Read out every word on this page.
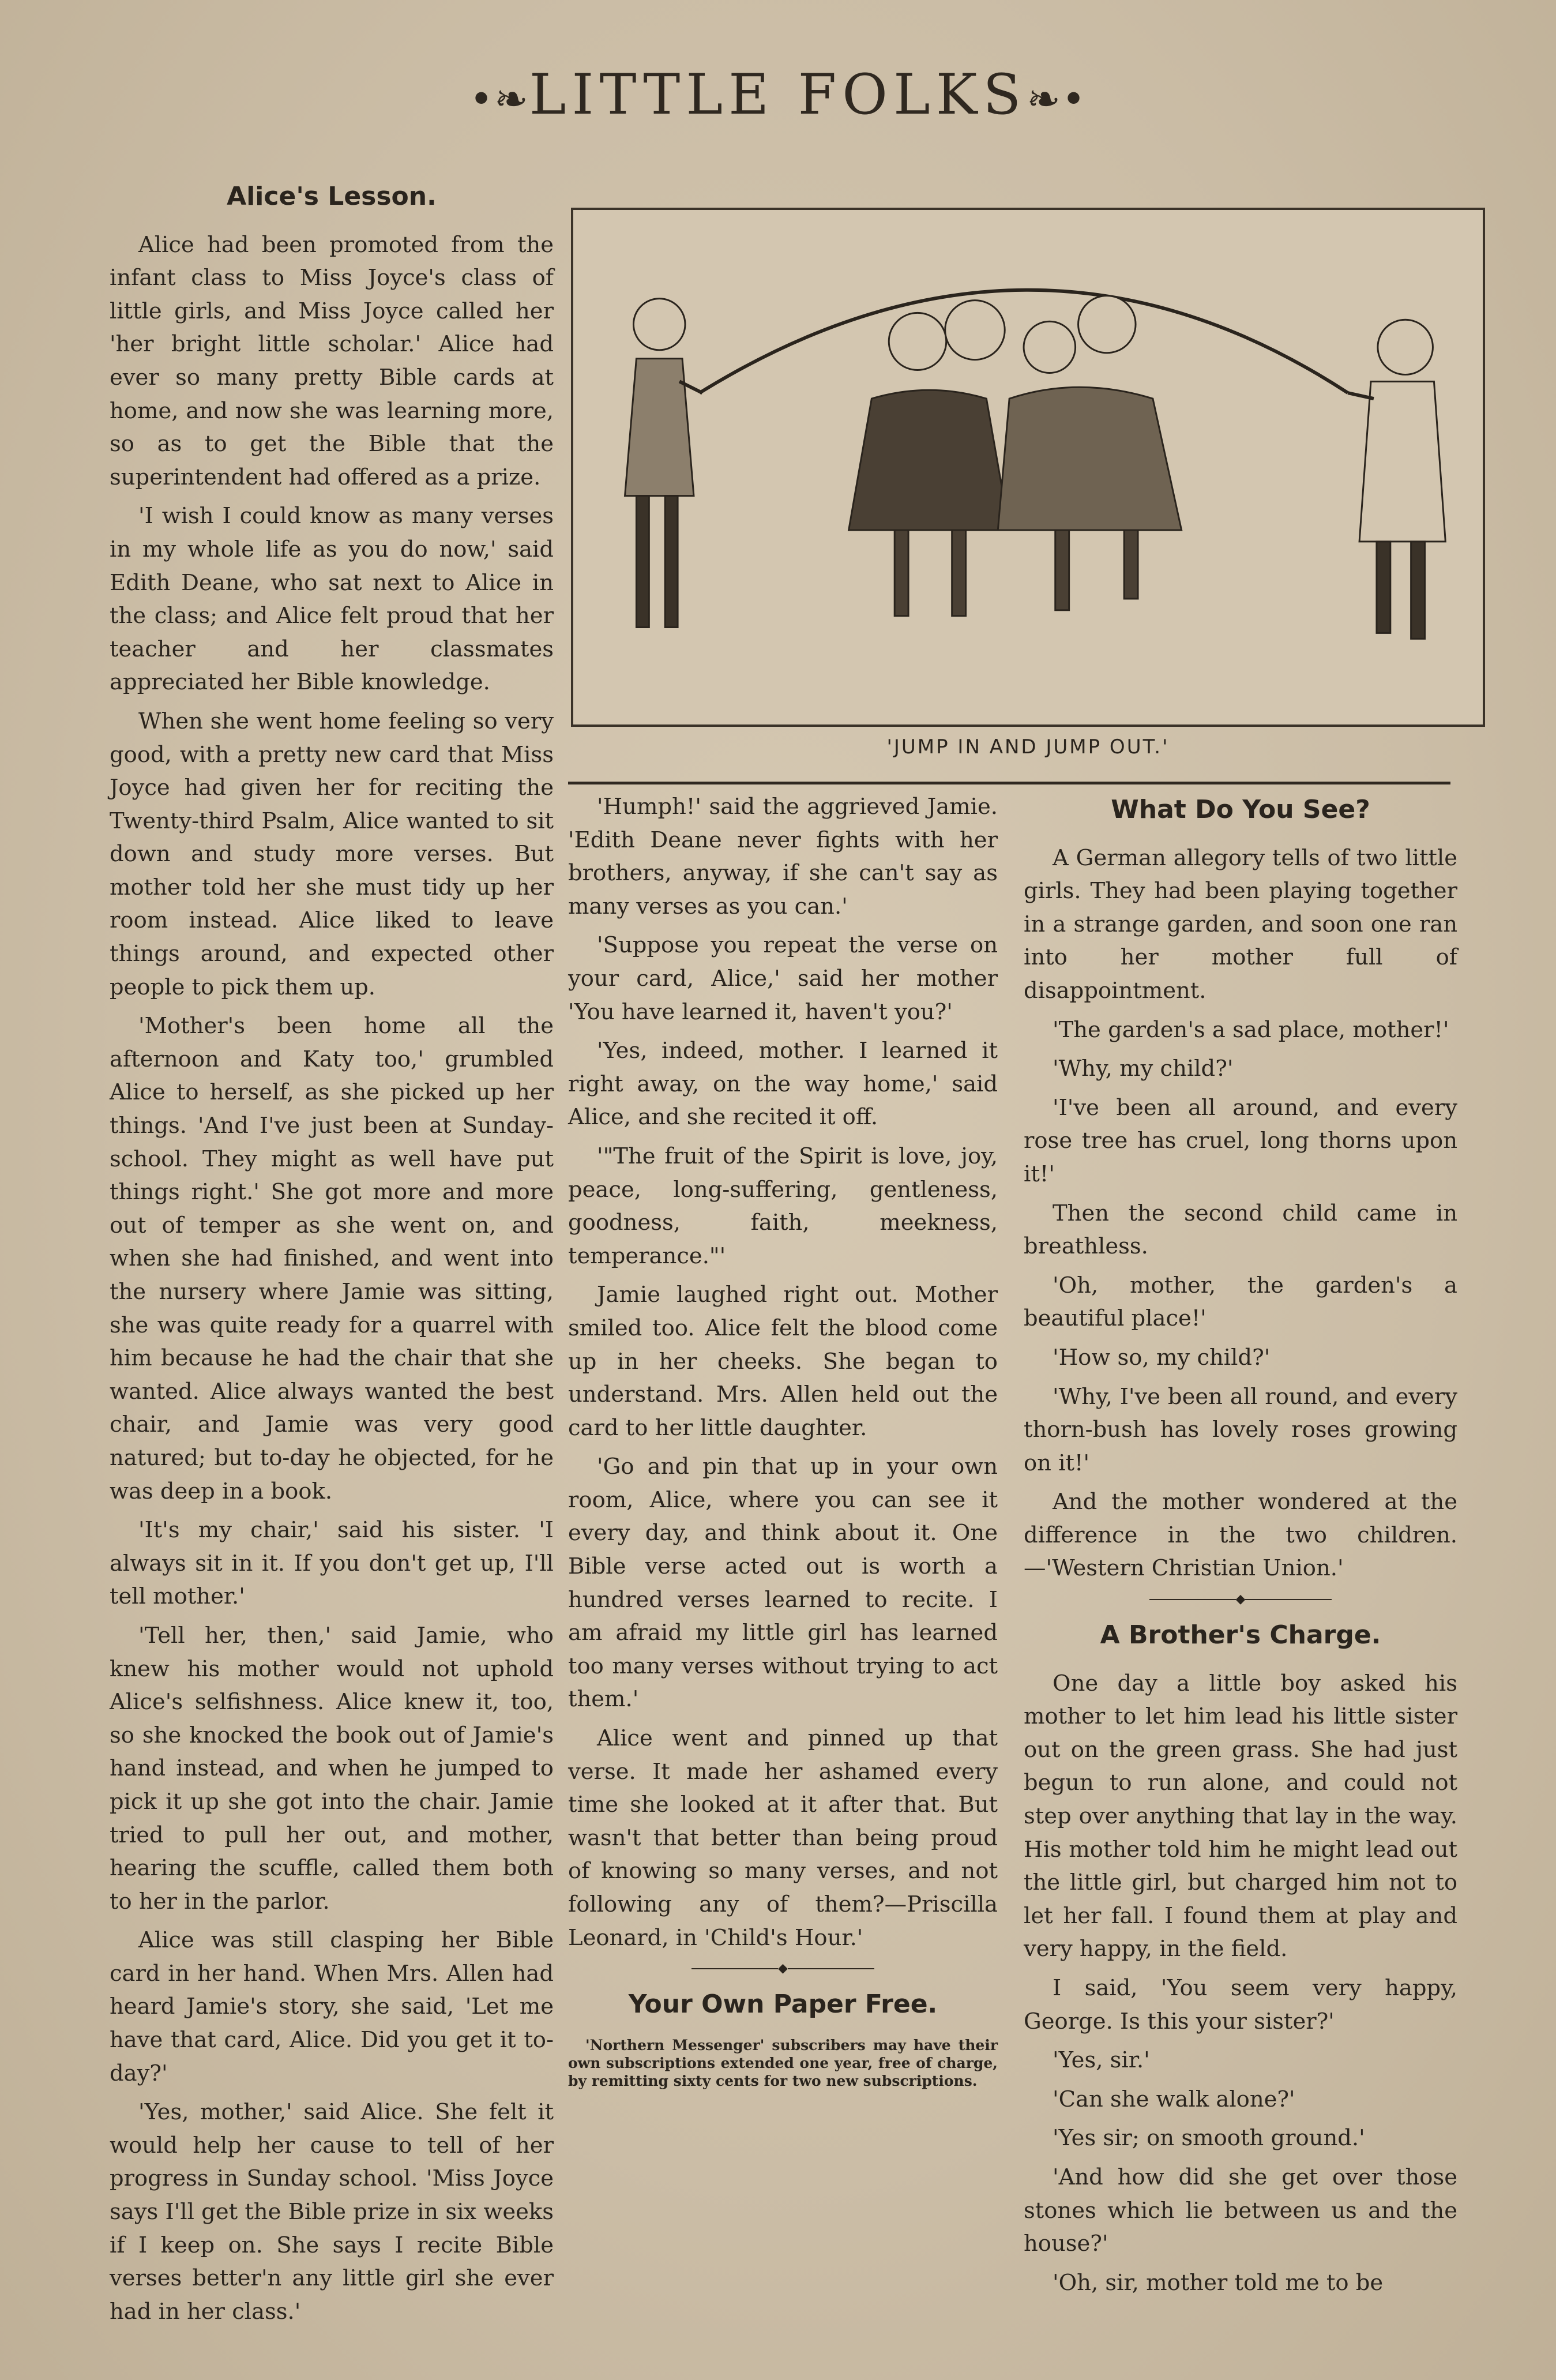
•❧LITTLE FOLKS❧•
Alice's Lesson.

Alice had been promoted from the infant class to Miss Joyce's class of little girls, and Miss Joyce called her 'her bright little scholar.' Alice had ever so many pretty Bible cards at home, and now she was learning more, so as to get the Bible that the superintendent had offered as a prize.

'I wish I could know as many verses in my whole life as you do now,' said Edith Deane, who sat next to Alice in the class; and Alice felt proud that her teacher and her classmates appreciated her Bible knowledge.

When she went home feeling so very good, with a pretty new card that Miss Joyce had given her for reciting the Twenty-third Psalm, Alice wanted to sit down and study more verses. But mother told her she must tidy up her room instead. Alice liked to leave things around, and expected other people to pick them up.

'Mother's been home all the afternoon and Katy too,' grumbled Alice to herself, as she picked up her things. 'And I've just been at Sunday-school. They might as well have put things right.' She got more and more out of temper as she went on, and when she had finished, and went into the nursery where Jamie was sitting, she was quite ready for a quarrel with him because he had the chair that she wanted. Alice always wanted the best chair, and Jamie was very good natured; but to-day he objected, for he was deep in a book.

'It's my chair,' said his sister. 'I always sit in it. If you don't get up, I'll tell mother.'

'Tell her, then,' said Jamie, who knew his mother would not uphold Alice's selfishness. Alice knew it, too, so she knocked the book out of Jamie's hand instead, and when he jumped to pick it up she got into the chair. Jamie tried to pull her out, and mother, hearing the scuffle, called them both to her in the parlor.

Alice was still clasping her Bible card in her hand. When Mrs. Allen had heard Jamie's story, she said, 'Let me have that card, Alice. Did you get it to-day?'

'Yes, mother,' said Alice. She felt it would help her cause to tell of her progress in Sunday school. 'Miss Joyce says I'll get the Bible prize in six weeks if I keep on. She says I recite Bible verses better'n any little girl she ever had in her class.'

'JUMP IN AND JUMP OUT.'

'Humph!' said the aggrieved Jamie. 'Edith Deane never fights with her brothers, anyway, if she can't say as many verses as you can.'

'Suppose you repeat the verse on your card, Alice,' said her mother 'You have learned it, haven't you?'

'Yes, indeed, mother. I learned it right away, on the way home,' said Alice, and she recited it off.

'"The fruit of the Spirit is love, joy, peace, long-suffering, gentleness, goodness, faith, meekness, temperance."'

Jamie laughed right out. Mother smiled too. Alice felt the blood come up in her cheeks. She began to understand. Mrs. Allen held out the card to her little daughter.

'Go and pin that up in your own room, Alice, where you can see it every day, and think about it. One Bible verse acted out is worth a hundred verses learned to recite. I am afraid my little girl has learned too many verses without trying to act them.'

Alice went and pinned up that verse. It made her ashamed every time she looked at it after that. But wasn't that better than being proud of knowing so many verses, and not following any of them?—Priscilla Leonard, in 'Child's Hour.'

◆
Your Own Paper Free.

'Northern Messenger' subscribers may have their own subscriptions extended one year, free of charge, by remitting sixty cents for two new subscriptions.

What Do You See?

A German allegory tells of two little girls. They had been playing together in a strange garden, and soon one ran into her mother full of disappointment.

'The garden's a sad place, mother!'

'Why, my child?'

'I've been all around, and every rose tree has cruel, long thorns upon it!'

Then the second child came in breathless.

'Oh, mother, the garden's a beautiful place!'

'How so, my child?'

'Why, I've been all round, and every thorn-bush has lovely roses growing on it!'

And the mother wondered at the difference in the two children.—'Western Christian Union.'

◆
A Brother's Charge.

One day a little boy asked his mother to let him lead his little sister out on the green grass. She had just begun to run alone, and could not step over anything that lay in the way. His mother told him he might lead out the little girl, but charged him not to let her fall. I found them at play and very happy, in the field.

I said, 'You seem very happy, George. Is this your sister?'

'Yes, sir.'

'Can she walk alone?'

'Yes sir; on smooth ground.'

'And how did she get over those stones which lie between us and the house?'

'Oh, sir, mother told me to be
